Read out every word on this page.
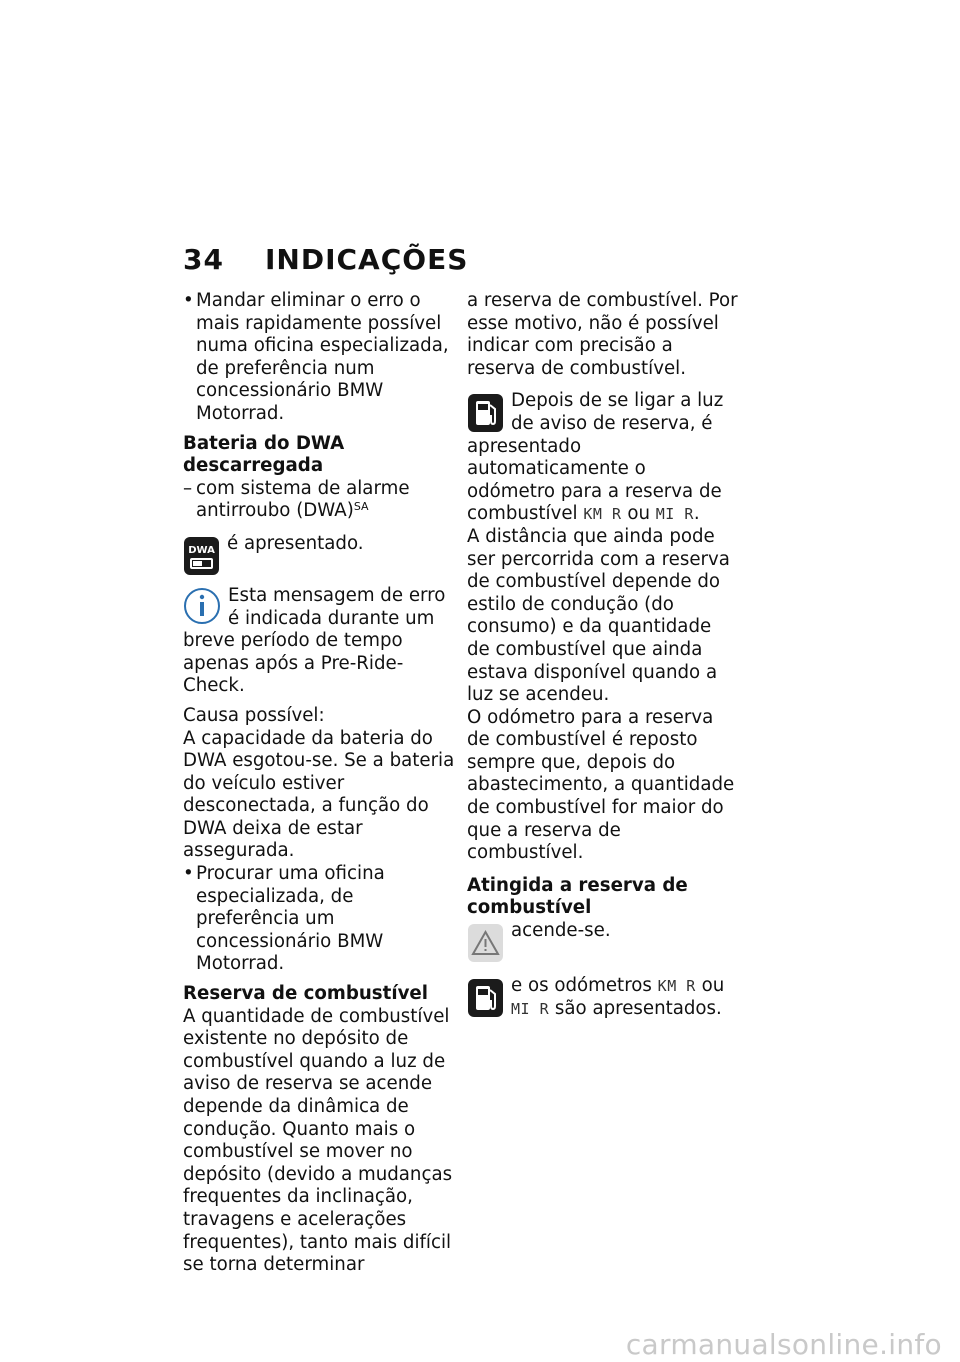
34 INDICAÇÕES

• Mandar eliminar o erro o mais rapidamente possível numa oficina especializada, de preferência num concessionário BMW Motorrad.

Bateria do DWA descarregada

– com sistema de alarme antirroubo (DWA)$^{SA}$

DWA é apresentado.

Esta mensagem de erro é indicada durante um breve período de tempo apenas após a Pre-Ride-Check.

Causa possível:

A capacidade da bateria do DWA esgotou-se. Se a bateria do veículo estiver desconectada, a função do DWA deixa de estar assegurada.

• Procurar uma oficina especializada, de preferência um concessionário BMW Motorrad.

Reserva de combustível

A quantidade de combustível existente no depósito de combustível quando a luz de aviso de reserva se acende depende da dinâmica de condução. Quanto mais o combustível se mover no depósito (devido a mudanças frequentes da inclinação, travagens e acelerações frequentes), tanto mais difícil se torna determinar

a reserva de combustível. Por esse motivo, não é possível indicar com precisão a reserva de combustível.

Depois de se ligar a luz de aviso de reserva, é apresentado automaticamente o odómetro para a reserva de combustível KM R ou MI R.

A distância que ainda pode ser percorrida com a reserva de combustível depende do estilo de condução (do consumo) e da quantidade de combustível que ainda estava disponível quando a luz se acendeu.

O odómetro para a reserva de combustível é reposto sempre que, depois do abastecimento, a quantidade de combustível for maior do que a reserva de combustível.

Atingida a reserva de combustível

acende-se.

e os odómetros KM R ou MI R são apresentados.

carmanualsonline.info
